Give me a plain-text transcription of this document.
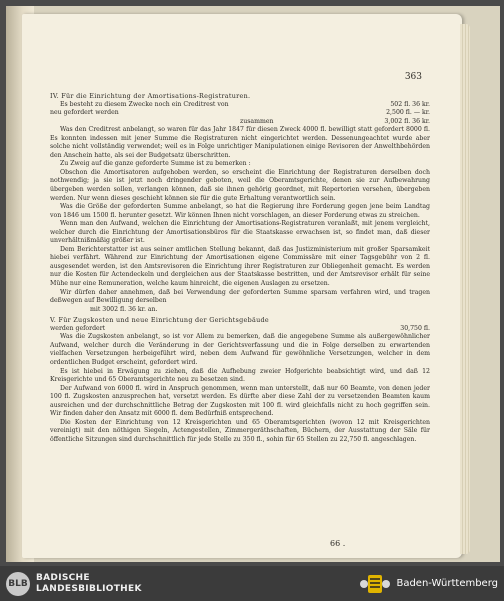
363

IV. Für die Einrichtung der Amortisations-Registraturen.

Es besteht zu diesem Zwecke noch ein Creditrest von	502 fl. 36 kr.
neu gefordert werden	2,500 fl. — kr.
zusammen	3,002 fl. 36 kr.

Was den Creditrest anbelangt, so waren für das Jahr 1847 für diesen Zweck 4000 fl. bewilligt statt gefordert 8000 fl. Es konnten indessen mit jener Summe die Registraturen nicht eingerichtet werden. Dessenungeachtet wurde aber solche nicht vollständig verwendet; weil es in Folge unrichtiger Manipulationen einige Revisoren der Anwelthbehörden den Anschein hatte, als sei der Budgetsatz überschritten.

Zu Zweig auf die ganze geforderte Summe ist zu bemerken :

Obschon die Amortisatoren aufgehoben werden, so erscheint die Einrichtung der Registraturen derselben doch nothwendig; ja sie ist jetzt noch dringender geboten, weil die Oberamtsgerichte, denen sie zur Aufbewahrung übergeben werden sollen, verlangen können, daß sie ihnen gehörig geordnet, mit Repertorien versehen, übergeben werden. Nur wenn dieses geschieht können sie für die gute Erhaltung verantwortlich sein.

Was die Größe der geforderten Summe anbelangt, so hat die Regierung ihre Forderung gegen jene beim Landtag von 1846 um 1500 fl. herunter gesetzt. Wir können Ihnen nicht vorschlagen, an dieser Forderung etwas zu streichen.

Wenn man den Aufwand, welchen die Einrichtung der Amortisations-Registraturen veranlaßt, mit jenem vergleicht, welcher durch die Einrichtung der Amortisationsbüros für die Staatskasse erwachsen ist, so findet man, daß dieser unverhältnißmäßig größer ist.

Dem Berichterstatter ist aus seiner amtlichen Stellung bekannt, daß das Justizministerium mit großer Sparsamkeit hiebei verfährt. Während zur Einrichtung der Amortisationen eigene Commissäre mit einer Tagsgebühr von 2 fl. ausgesendet werden, ist den Amtsrevisoren die Einrichtung ihrer Registraturen zur Obliegenheit gemacht. Es werden nur die Kosten für Actendeckeln und dergleichen aus der Staatskasse bestritten, und der Amtsrevisor erhält für seine Mühe nur eine Remuneration, welche kaum hinreicht, die eigenen Auslagen zu ersetzen.

Wir dürfen daher annehmen, daß bei Verwendung der geforderten Summe sparsam verfahren wird, und tragen deßwegen auf Bewilligung derselben

mit 3002 fl. 36 kr. an.

V. Für Zugskosten und neue Einrichtung der Gerichtsgebäude

werden gefordert	30,750 fl.

Was die Zugskosten anbelangt, so ist vor Allem zu bemerken, daß die angegebene Summe als außergewöhnlicher Aufwand, welcher durch die Veränderung in der Gerichtsverfassung und die in Folge derselben zu erwartenden vielfachen Versetzungen herbeigeführt wird, neben dem Aufwand für gewöhnliche Versetzungen, welcher in dem ordentlichen Budget erscheint, gefordert wird.

Es ist hiebei in Erwägung zu ziehen, daß die Aufhebung zweier Hofgerichte beabsichtigt wird, und daß 12 Kreisgerichte und 65 Oberamtsgerichte neu zu besetzen sind.

Der Aufwand von 6000 fl. wird in Anspruch genommen, wenn man unterstellt, daß nur 60 Beamte, von denen jeder 100 fl. Zugskosten anzusprechen hat, versetzt werden. Es dürfte aber diese Zahl der zu versetzenden Beamten kaum ausreichen und der durchschnittliche Betrag der Zugskosten mit 100 fl. wird gleichfalls nicht zu hoch gegriffen sein. Wir finden daher den Ansatz mit 6000 fl. dem Bedürfniß entsprechend.

Die Kosten der Einrichtung von 12 Kreisgerichten und 65 Oberamtsgerichten (wovon 12 mit Kreisgerichten vereinigt) mit den nöthigen Siegeln, Actengestellen, Zimmergeräthschaften, Büchern, der Ausstattung der Säle für öffentliche Sitzungen sind durchschnittlich für jede Stelle zu 350 fl., sohin für 65 Stellen zu 22,750 fl. angeschlagen.

66 .
BLB
BADISCHE
LANDESBIBLIOTHEK	Baden-Württemberg
